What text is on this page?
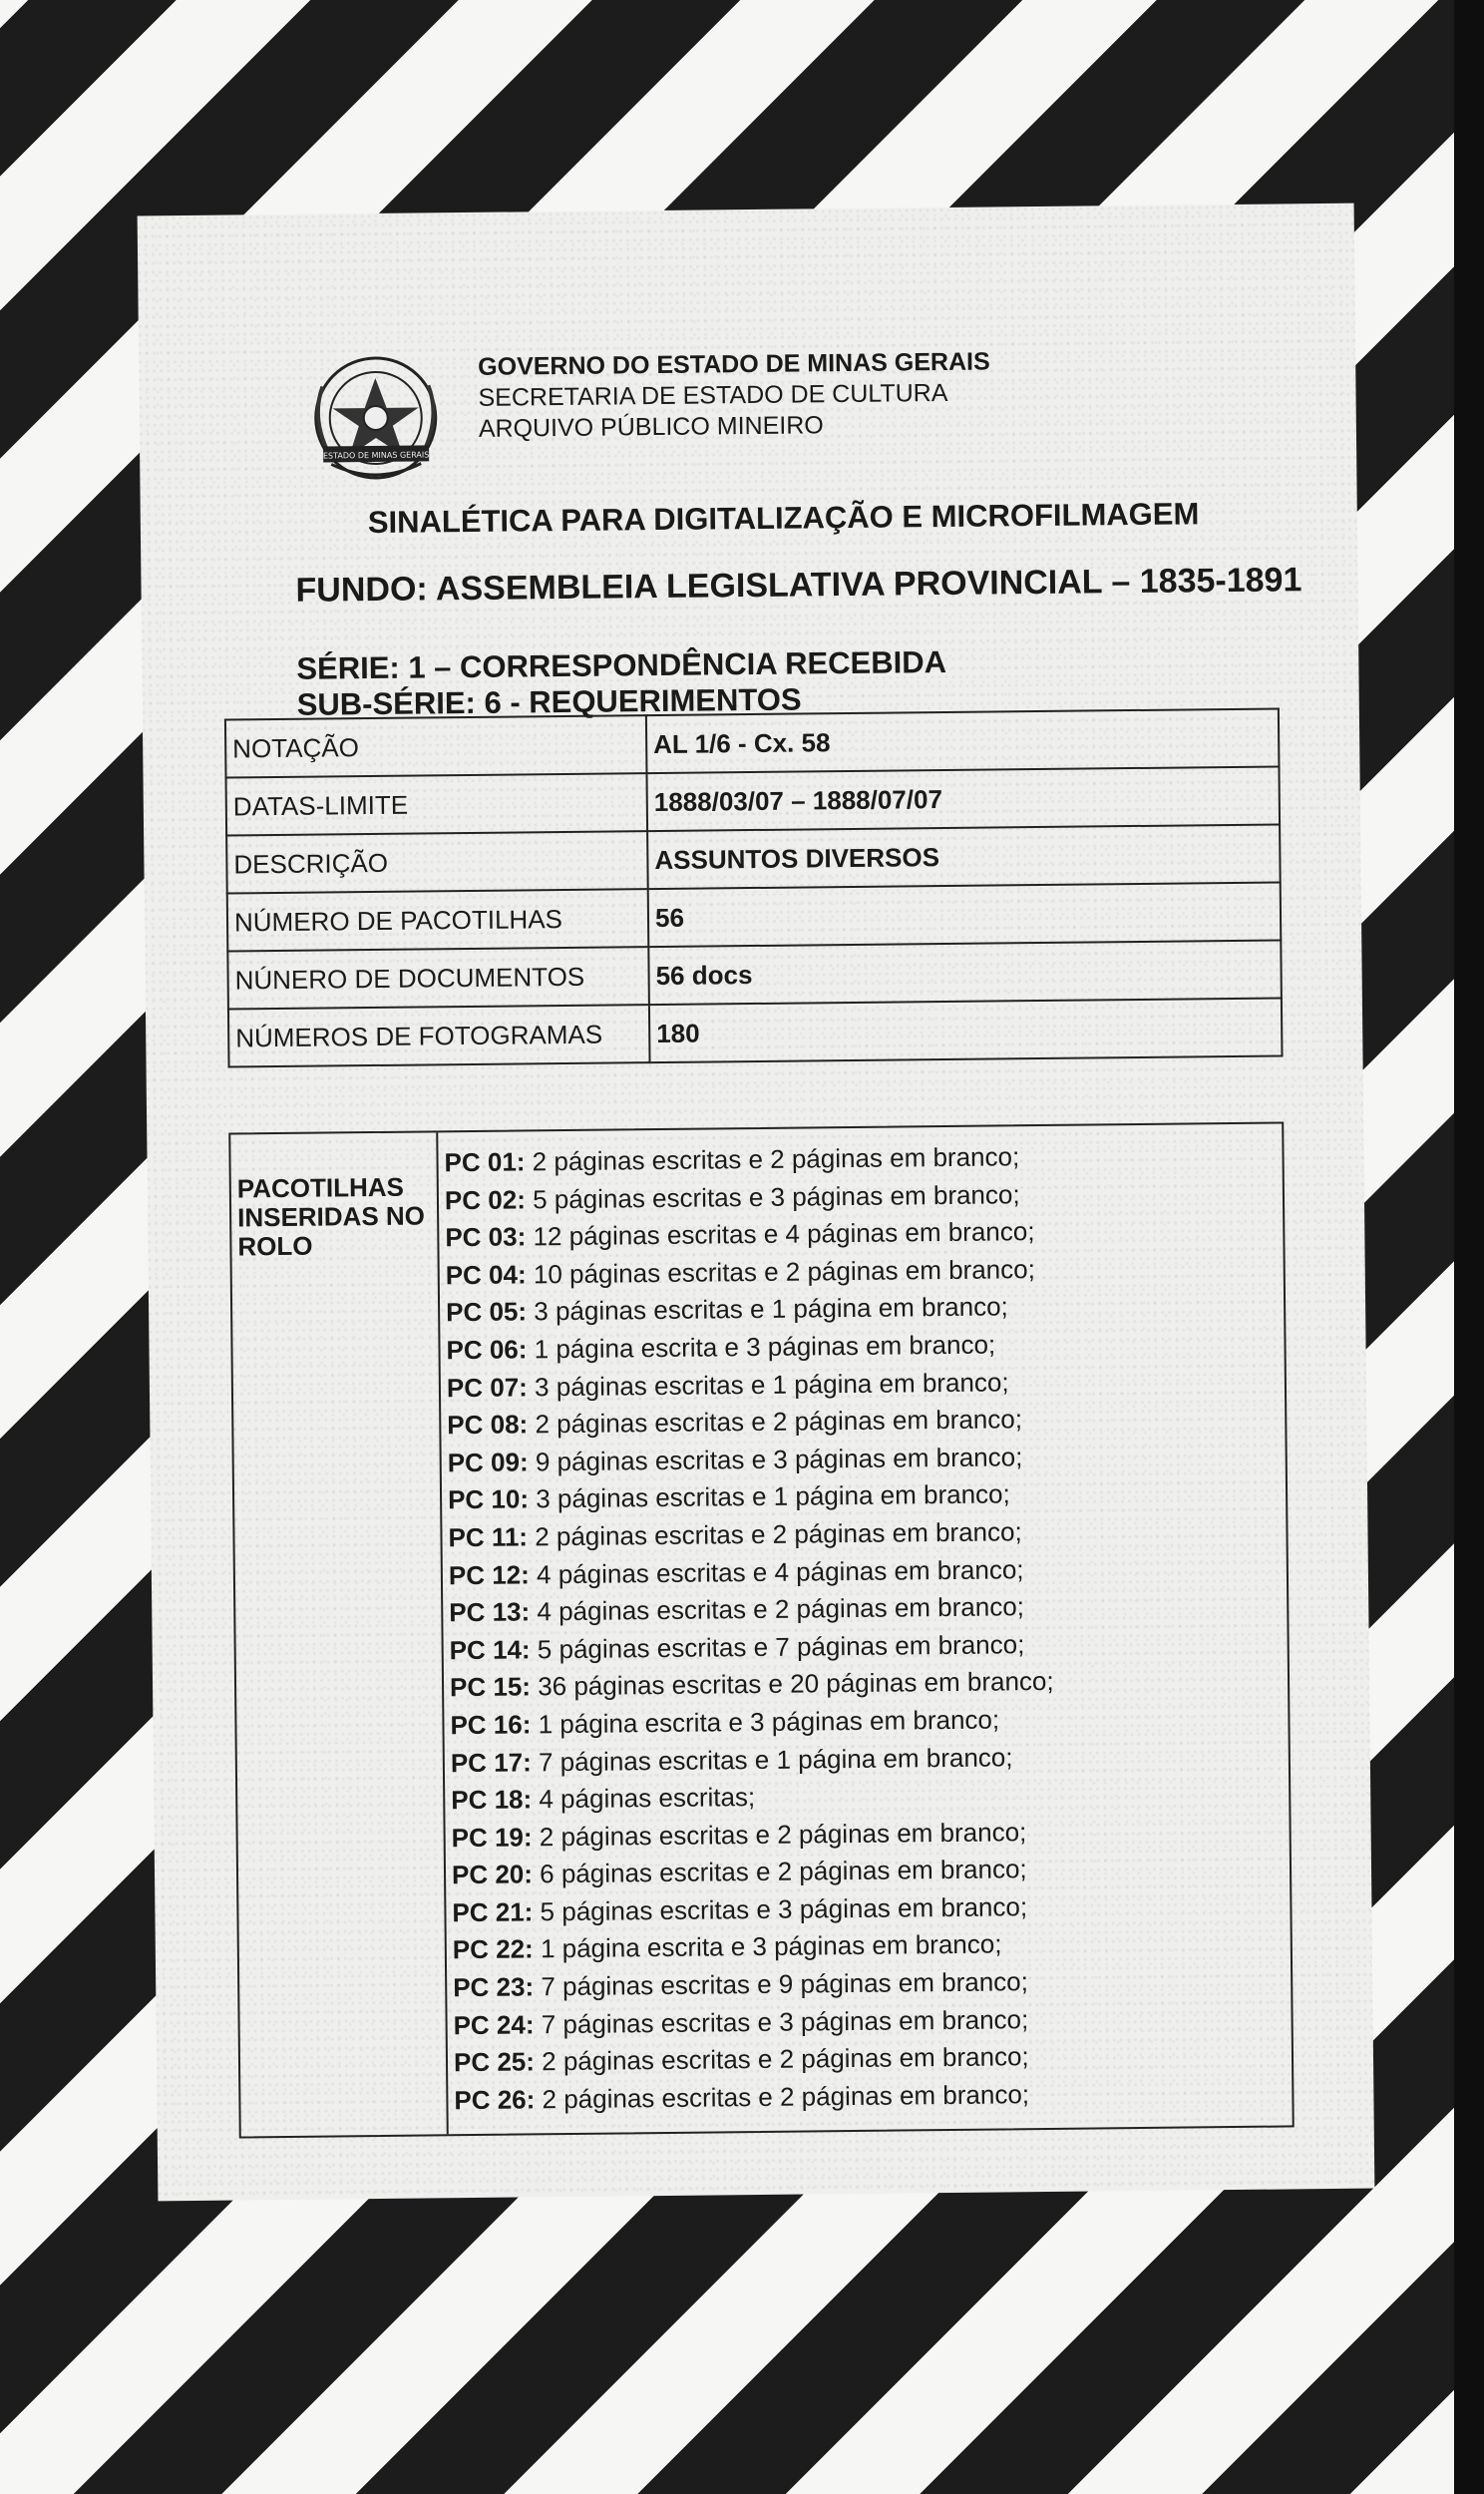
ESTADO DE MINAS GERAIS
GOVERNO DO ESTADO DE MINAS GERAIS
SECRETARIA DE ESTADO DE CULTURA
ARQUIVO PÚBLICO MINEIRO
SINALÉTICA PARA DIGITALIZAÇÃO E MICROFILMAGEM
FUNDO: ASSEMBLEIA LEGISLATIVA PROVINCIAL – 1835-1891
SÉRIE: 1 – CORRESPONDÊNCIA RECEBIDA
SUB-SÉRIE: 6 - REQUERIMENTOS
NOTAÇÃO	AL 1/6 - Cx. 58
DATAS-LIMITE	1888/03/07 – 1888/07/07
DESCRIÇÃO	ASSUNTOS DIVERSOS
NÚMERO DE PACOTILHAS	56
NÚNERO DE DOCUMENTOS	56 docs
NÚMEROS DE FOTOGRAMAS	180
PACOTILHAS
INSERIDAS NO
ROLO
PC 01: 2 páginas escritas e 2 páginas em branco;
PC 02: 5 páginas escritas e 3 páginas em branco;
PC 03: 12 páginas escritas e 4 páginas em branco;
PC 04: 10 páginas escritas e 2 páginas em branco;
PC 05: 3 páginas escritas e 1 página em branco;
PC 06: 1 página escrita e 3 páginas em branco;
PC 07: 3 páginas escritas e 1 página em branco;
PC 08: 2 páginas escritas e 2 páginas em branco;
PC 09: 9 páginas escritas e 3 páginas em branco;
PC 10: 3 páginas escritas e 1 página em branco;
PC 11: 2 páginas escritas e 2 páginas em branco;
PC 12: 4 páginas escritas e 4 páginas em branco;
PC 13: 4 páginas escritas e 2 páginas em branco;
PC 14: 5 páginas escritas e 7 páginas em branco;
PC 15: 36 páginas escritas e 20 páginas em branco;
PC 16: 1 página escrita e 3 páginas em branco;
PC 17: 7 páginas escritas e 1 página em branco;
PC 18: 4 páginas escritas;
PC 19: 2 páginas escritas e 2 páginas em branco;
PC 20: 6 páginas escritas e 2 páginas em branco;
PC 21: 5 páginas escritas e 3 páginas em branco;
PC 22: 1 página escrita e 3 páginas em branco;
PC 23: 7 páginas escritas e 9 páginas em branco;
PC 24: 7 páginas escritas e 3 páginas em branco;
PC 25: 2 páginas escritas e 2 páginas em branco;
PC 26: 2 páginas escritas e 2 páginas em branco;
